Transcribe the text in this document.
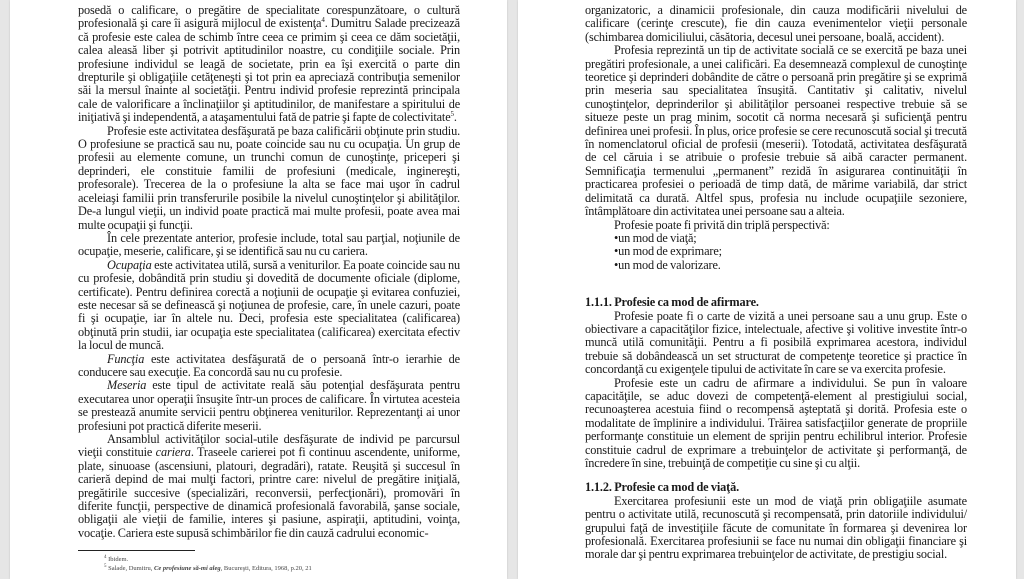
posedă o calificare, o pregătire de specialitate corespunzătoare, o cultură profesională şi care îi asigură mijlocul de existenţa$^4$. Dumitru Salade precizează că profesie este calea de schimb între ceea ce primim şi ceea ce dăm societăţii, calea aleasă liber şi potrivit aptitudinilor noastre, cu condiţiile sociale. Prin profesiune individul se leagă de societate, prin ea îşi exercită o parte din drepturile şi obligaţiile cetăţeneşti şi tot prin ea apreciază contribuţia semenilor săi la mersul înainte al societăţii. Pentru individ profesie reprezintă principala cale de valorificare a înclinaţiilor şi aptitudinilor, de manifestare a spiritului de iniţiativă şi independentă, a ataşamentului fată de patrie şi fapte de colectivitate$^5$.

Profesie este activitatea desfăşurată pe baza calificării obţinute prin studiu. O profesiune se practică sau nu, poate coincide sau nu cu ocupaţia. Un grup de profesii au elemente comune, un trunchi comun de cunoştinţe, priceperi şi deprinderi, ele constituie familii de profesiuni (medicale, inginereşti, profesorale). Trecerea de la o profesiune la alta se face mai uşor în cadrul aceleiaşi familii prin transferurile posibile la nivelul cunoştinţelor şi abilităţilor. De-a lungul vieţii, un individ poate practică mai multe profesii, poate avea mai multe ocupaţii şi funcţii.

În cele prezentate anterior, profesie include, total sau parţial, noţiunile de ocupaţie, meserie, calificare, şi se identifică sau nu cu cariera.

Ocupaţia este activitatea utilă, sursă a veniturilor. Ea poate coincide sau nu cu profesie, dobândită prin studiu şi dovedită de documente oficiale (diplome, certificate). Pentru definirea corectă a noţiunii de ocupaţie şi evitarea confuziei, este necesar să se definească şi noţiunea de profesie, care, în unele cazuri, poate fi şi ocupaţie, iar în altele nu. Deci, profesia este specialitatea (calificarea) obţinută prin studii, iar ocupaţia este specialitatea (calificarea) exercitata efectiv la locul de muncă.

Funcţia este activitatea desfăşurată de o persoană într-o ierarhie de conducere sau execuţie. Ea concordă sau nu cu profesie.

Meseria este tipul de activitate reală său potenţial desfăşurata pentru executarea unor operaţii însuşite într-un proces de calificare. În virtutea acesteia se prestează anumite servicii pentru obţinerea veniturilor. Reprezentanţi ai unor profesiuni pot practică diferite meserii.

Ansamblul activităţilor social-utile desfăşurate de individ pe parcursul vieţii constituie cariera. Traseele carierei pot fi continuu ascendente, uniforme, plate, sinuoase (ascensiuni, platouri, degradări), ratate. Reuşită şi succesul în carieră depind de mai mulţi factori, printre care: nivelul de pregătire iniţială, pregătirile succesive (specializări, reconversii, perfecţionări), promovări în diferite funcţii, perspective de dinamică profesională favorabilă, şanse sociale, obligaţii ale vieţii de familie, interes şi pasiune, aspiraţii, aptitudini, voinţa, vocaţie. Cariera este supusă schimbărilor fie din cauză cadrului economic-

$^4$ Ibidem.
$^5$ Salade, Dumitru, Ce profesiune să-mi aleg, Bucureşti, Editura, 1968, p.20, 21

organizatoric, a dinamicii profesionale, din cauza modificării nivelului de calificare (cerinţe crescute), fie din cauza evenimentelor vieţii personale (schimbarea domiciliului, căsătoria, decesul unei persoane, boală, accident).

Profesia reprezintă un tip de activitate socială ce se exercită pe baza unei pregătiri profesionale, a unei calificări. Ea desemnează complexul de cunoştinţe teoretice şi deprinderi dobândite de către o persoană prin pregătire şi se exprimă prin meseria sau specialitatea însuşită. Cantitativ şi calitativ, nivelul cunoştinţelor, deprinderilor şi abilităţilor persoanei respective trebuie să se situeze peste un prag minim, socotit că norma necesară şi suficienţă pentru definirea unei profesii. În plus, orice profesie se cere recunoscută social şi trecută în nomenclatorul oficial de profesii (meserii). Totodată, activitatea desfăşurată de cel căruia i se atribuie o profesie trebuie să aibă caracter permanent. Semnificaţia termenului „permanent” rezidă în asigurarea continuităţii în practicarea profesiei o perioadă de timp dată, de mărime variabilă, dar strict delimitată ca durată. Altfel spus, profesia nu include ocupaţiile sezoniere, întâmplătoare din activitatea unei persoane sau a alteia.

Profesie poate fi privită din triplă perspectivă:

• un mod de viaţă;
• un mod de exprimare;
• un mod de valorizare.

1.1.1. Profesie ca mod de afirmare.

Profesie poate fi o carte de vizită a unei persoane sau a unu grup. Este o obiectivare a capacităţilor fizice, intelectuale, afective şi volitive investite într-o muncă utilă comunităţii. Pentru a fi posibilă exprimarea acestora, individul trebuie să dobândească un set structurat de competenţe teoretice şi practice în concordanţă cu exigenţele tipului de activitate în care se va exercita profesie.

Profesie este un cadru de afirmare a individului. Se pun în valoare capacităţile, se aduc dovezi de competenţă-element al prestigiului social, recunoaşterea acestuia fiind o recompensă aşteptată şi dorită. Profesia este o modalitate de împlinire a individului. Trăirea satisfacţiilor generate de propriile performanţe constituie un element de sprijin pentru echilibrul interior. Profesie constituie cadrul de exprimare a trebuinţelor de activitate şi performanţă, de încredere în sine, trebuinţă de competiţie cu sine şi cu alţii.

1.1.2. Profesie ca mod de viaţă.

Exercitarea profesiunii este un mod de viaţă prin obligaţiile asumate pentru o activitate utilă, recunoscută şi recompensată, prin datoriile individului/ grupului faţă de investiţiile făcute de comunitate în formarea şi devenirea lor profesională. Exercitarea profesiunii se face nu numai din obligaţii financiare şi morale dar şi pentru exprimarea trebuinţelor de activitate, de prestigiu social.
